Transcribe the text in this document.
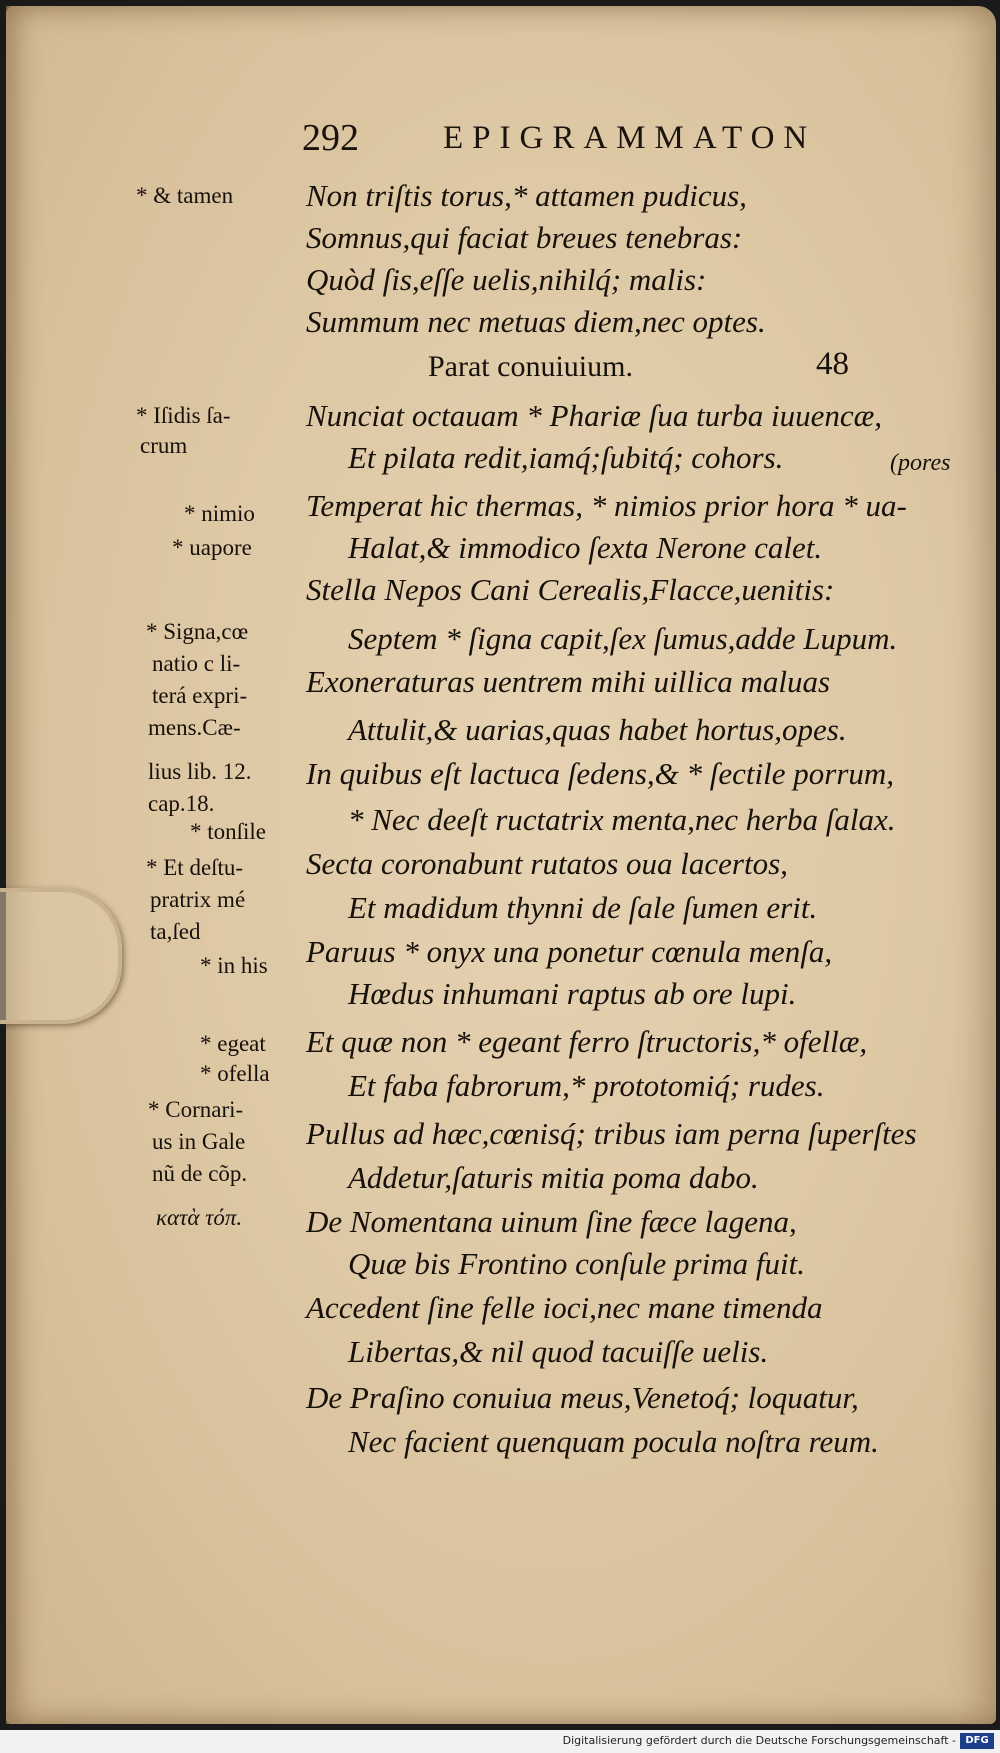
292	EPIGRAMMATON
Non triſtis torus,* attamen pudicus,
Somnus,qui faciat breues tenebras:
Quòd ſis,eſſe uelis,nihilq́; malis:
Summum nec metuas diem,nec optes.
Parat conuiuium.	48
Nunciat octauam * Phariæ ſua turba iuuencæ,
Et pilata redit,iamq́;ſubitq́; cohors.	(pores
Temperat hic thermas, * nimios prior hora * ua-
Halat,& immodico ſexta Nerone calet.
Stella Nepos Cani Cerealis,Flacce,uenitis:
Septem * ſigna capit,ſex ſumus,adde Lupum.
Exoneraturas uentrem mihi uillica maluas
Attulit,& uarias,quas habet hortus,opes.
In quibus eſt lactuca ſedens,& * ſectile porrum,
* Nec deeſt ructatrix menta,nec herba ſalax.
Secta coronabunt rutatos oua lacertos,
Et madidum thynni de ſale ſumen erit.
Paruus * onyx una ponetur cœnula menſa,
Hœdus inhumani raptus ab ore lupi.
Et quæ non * egeant ferro ſtructoris,* ofellæ,
Et faba fabrorum,* prototomiq́; rudes.
Pullus ad hæc,cœnisq́; tribus iam perna ſuperſtes
Addetur,ſaturis mitia poma dabo.
De Nomentana uinum ſine fæce lagena,
Quæ bis Frontino conſule prima fuit.
Accedent ſine felle ioci,nec mane timenda
Libertas,& nil quod tacuiſſe uelis.
De Praſino conuiua meus,Venetoq́; loquatur,
Nec facient quenquam pocula noſtra reum.
* & tamen
* Iſidis ſa-
crum
* nimio
* uapore
* Signa,cœ
natio c li-
terá expri-
mens.Cæ-
lius lib. 12.
cap.18.
* tonſile
* Et deſtu-
pratrix mé
ta,ſed
* in his
* egeat
* ofella
* Cornari-
us in Gale
nũ de cõp.
κατὰ τόπ.
Digitalisierung gefördert durch die Deutsche Forschungsgemeinschaft - DFG
